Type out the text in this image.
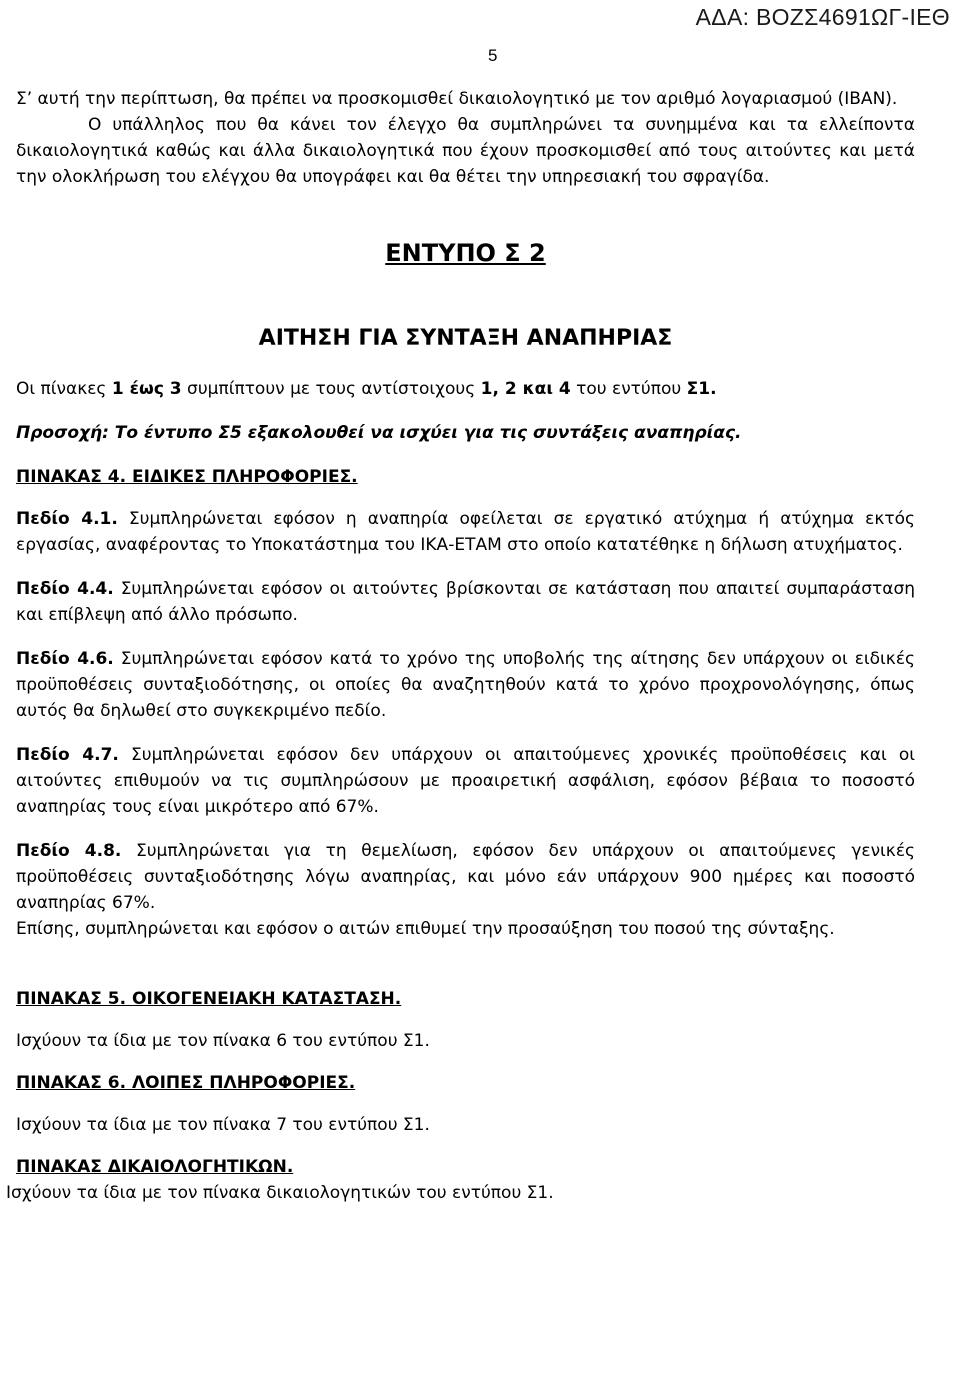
ΑΔΑ: ΒΟΖΣ4691ΩΓ-ΙΕΘ
5

Σ’ αυτή την περίπτωση, θα πρέπει να προσκομισθεί δικαιολογητικό με τον αριθμό λογαριασμού (IBAN).

Ο υπάλληλος που θα κάνει τον έλεγχο θα συμπληρώνει τα συνημμένα και τα ελλείποντα δικαιολογητικά καθώς και άλλα δικαιολογητικά που έχουν προσκομισθεί από τους αιτούντες και μετά την ολοκλήρωση του ελέγχου θα υπογράφει και θα θέτει την υπηρεσιακή του σφραγίδα.

ΕΝΤΥΠΟ Σ 2
ΑΙΤΗΣΗ ΓΙΑ ΣΥΝΤΑΞΗ ΑΝΑΠΗΡΙΑΣ

Οι πίνακες 1 έως 3 συμπίπτουν με τους αντίστοιχους 1, 2 και 4 του εντύπου Σ1.

Προσοχή: Το έντυπο Σ5 εξακολουθεί να ισχύει για τις συντάξεις αναπηρίας.

ΠΙΝΑΚΑΣ 4. ΕΙΔΙΚΕΣ ΠΛΗΡΟΦΟΡΙΕΣ.

Πεδίο 4.1. Συμπληρώνεται εφόσον η αναπηρία οφείλεται σε εργατικό ατύχημα ή ατύχημα εκτός εργασίας, αναφέροντας το Υποκατάστημα του ΙΚΑ-ΕΤΑΜ στο οποίο κατατέθηκε η δήλωση ατυχήματος.

Πεδίο 4.4. Συμπληρώνεται εφόσον οι αιτούντες βρίσκονται σε κατάσταση που απαιτεί συμπαράσταση και επίβλεψη από άλλο πρόσωπο.

Πεδίο 4.6. Συμπληρώνεται εφόσον κατά το χρόνο της υποβολής της αίτησης δεν υπάρχουν οι ειδικές προϋποθέσεις συνταξιοδότησης, οι οποίες θα αναζητηθούν κατά το χρόνο προχρονολόγησης, όπως αυτός θα δηλωθεί στο συγκεκριμένο πεδίο.

Πεδίο 4.7. Συμπληρώνεται εφόσον δεν υπάρχουν οι απαιτούμενες χρονικές προϋποθέσεις και οι αιτούντες επιθυμούν να τις συμπληρώσουν με προαιρετική ασφάλιση, εφόσον βέβαια το ποσοστό αναπηρίας τους είναι μικρότερο από 67%.

Πεδίο 4.8. Συμπληρώνεται για τη θεμελίωση, εφόσον δεν υπάρχουν οι απαιτούμενες γενικές προϋποθέσεις συνταξιοδότησης λόγω αναπηρίας, και μόνο εάν υπάρχουν 900 ημέρες και ποσοστό αναπηρίας 67%.

Επίσης, συμπληρώνεται και εφόσον ο αιτών επιθυμεί την προσαύξηση του ποσού της σύνταξης.

ΠΙΝΑΚΑΣ 5. ΟΙΚΟΓΕΝΕΙΑΚΗ ΚΑΤΑΣΤΑΣΗ.

Ισχύουν τα ίδια με τον πίνακα 6 του εντύπου Σ1.

ΠΙΝΑΚΑΣ 6. ΛΟΙΠΕΣ ΠΛΗΡΟΦΟΡΙΕΣ.

Ισχύουν τα ίδια με τον πίνακα 7 του εντύπου Σ1.

ΠΙΝΑΚΑΣ ΔΙΚΑΙΟΛΟΓΗΤΙΚΩΝ.

Ισχύουν τα ίδια με τον πίνακα δικαιολογητικών του εντύπου Σ1.
